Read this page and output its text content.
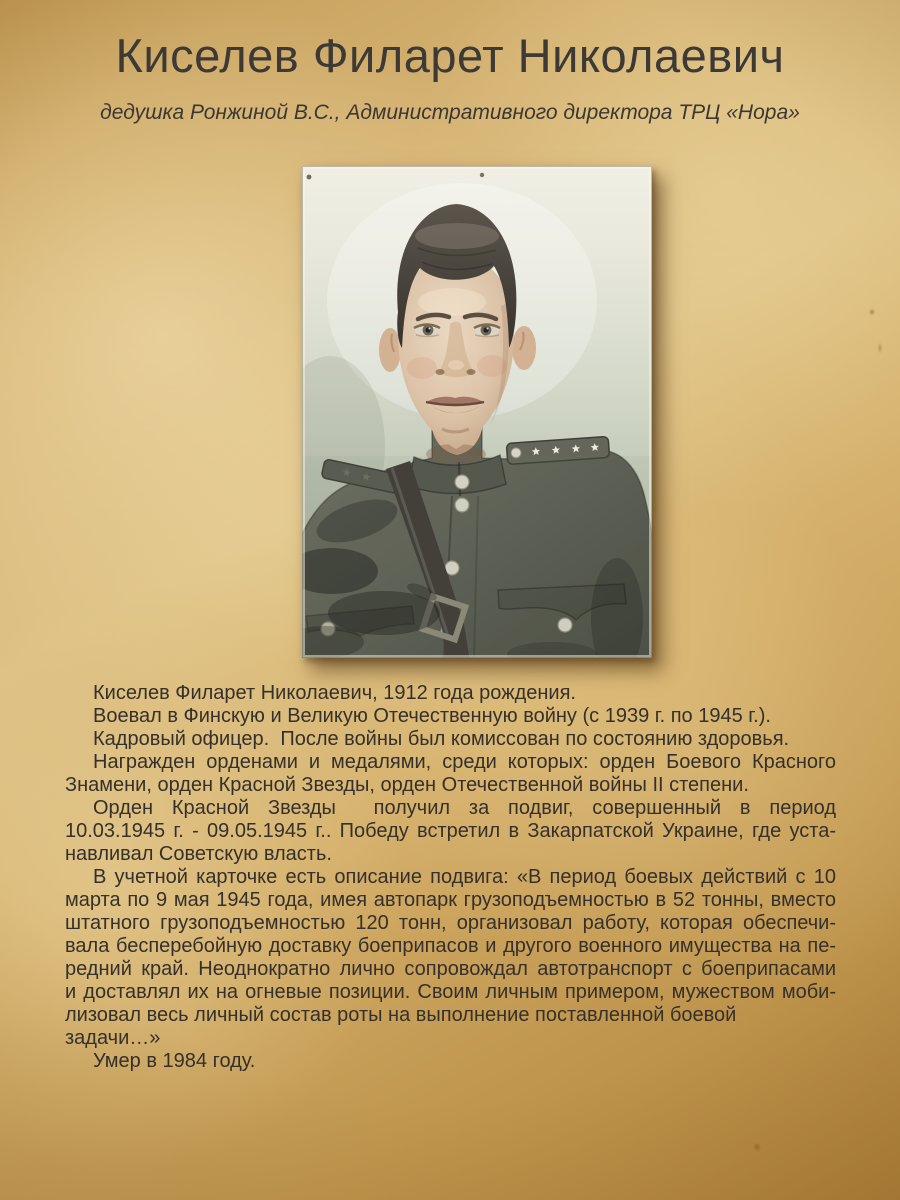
Киселев Филарет Николаевич

дедушка Ронжиной В.С., Административного директора ТРЦ «Нора»

Киселев Филарет Николаевич, 1912 года рождения.
Воевал в Финскую и Великую Отечественную войну (с 1939 г. по 1945 г.).
Кадровый офицер.  После войны был комиссован по состоянию здоровья.
Награжден орденами и медалями, среди которых: орден Боевого Красного
Знамени, орден Красной Звезды, орден Отечественной войны II степени.
Орден Красной Звезды  получил за подвиг, совершенный в период
10.03.1945 г. - 09.05.1945 г.. Победу встретил в Закарпатской Украине, где уста-
навливал Советскую власть.
В учетной карточке есть описание подвига: «В период боевых действий с 10
марта по 9 мая 1945 года, имея автопарк грузоподъемностью в 52 тонны, вместо
штатного грузоподъемностью 120 тонн, организовал работу, которая обеспечи-
вала бесперебойную доставку боеприпасов и другого военного имущества на пе-
редний край. Неоднократно лично сопровождал автотранспорт с боеприпасами
и доставлял их на огневые позиции. Своим личным примером, мужеством моби-
лизовал весь личный состав роты на выполнение поставленной боевой задачи…»
Умер в 1984 году.
